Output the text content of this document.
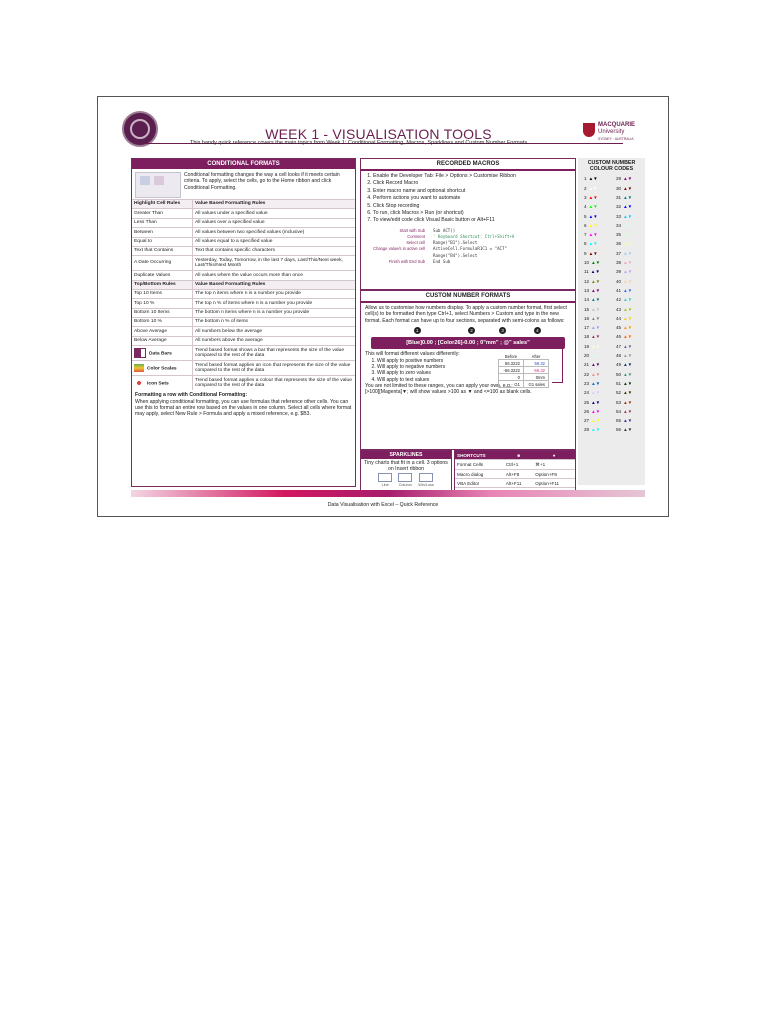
WEEK 1 - VISUALISATION TOOLS
MACQUARIE
University
SYDNEY · AUSTRALIA
This handy quick reference covers the main topics from Week 1: Conditional Formatting, Macros, Sparklines and Custom Number Formats.
CONDITIONAL FORMATS
Conditional formatting changes the way a cell looks if it meets certain criteria. To apply, select the cells, go to the Home ribbon and click Conditional Formatting.
Highlight Cell Rules	Value Based Formatting Rules
Greater Than	All values under a specified value
Less Than	All values over a specified value
Between	All values between two specified values (inclusive)
Equal to	All values equal to a specified value
Text that Contains	Text that contains specific characters
A Date Occurring	Yesterday, Today, Tomorrow, in the last 7 days, Last/This/Next week, Last/This/Next Month
Duplicate Values	All values where the value occurs more than once
Top/Bottom Rules	Value Based Formatting Rules
Top 10 Items	The top n items where n is a number you provide
Top 10 %	The top n % of items where n is a number you provide
Bottom 10 Items	The bottom n items where n is a number you provide
Bottom 10 %	The bottom n % of items
Above Average	All numbers below the average
Below Average	All numbers above the average
Data Bars	Trend based format shows a bar that represents the size of the value compared to the rest of the data
Color Scales	Trend based format applies an icon that represents the size of the value compared to the rest of the data
Icon Sets	Trend based format applies a colour that represents the size of the value compared to the rest of the data
Formatting a row with Conditional Formatting:
When applying conditional formatting, you can use formulas that reference other cells. You can use this to format an entire row based on the values in one column. Select all cells where format may apply, select New Rule > Formula and apply a mixed reference, e.g. $B3.
RECORDED MACROS
1. Enable the Developer Tab: File > Options > Customise Ribbon
2. Click Record Macro
3. Enter macro name and optional shortcut
4. Perform actions you want to automate
5. Click Stop recording
6. To run, click Macros > Run (or shortcut)
7. To view/edit code click Visual Basic button or Alt+F11
Start with Sub Sub ACT()
Comment ' Keyboard Shortcut: Ctrl+Shift+A
Select cell Range("B1").Select
Change value/s in active cell ActiveCell.FormulaR1C1 = "ACT"
Range("B4").Select
Finish with End Sub End Sub
CUSTOM NUMBER FORMATS
Allow us to customise how numbers display. To apply a custom number format, first select cell(s) to be formatted then type Ctrl+1, select Numbers > Custom and type in the new format. Each format can have up to four sections, separated with semi-colons as follows:
1	2	3	4
[Blue]0.00 ; [Color26]-0.00 ; 0"mm" ; @" sales"
This will format different values differently:
1. Will apply to positive numbers
2. Will apply to negative numbers
3. Will apply to zero values
4. Will apply to text values
Before	After
56.3222	56.32
-56.3222	-56.32
0	0mm
G1	G1 sales
You are not limited to these ranges, you can apply your own, e.g.:
[>100][Magenta]▼; will show values >100 as ▼ and <=100 as blank cells.
SPARKLINES
Tiny charts that fit in a cell. 3 options on Insert ribbon
Line	Column Win/Loss
SHORTCUTS	■	●
Format Cells	Ctrl+1	⌘+1
Macro dialog	Alt+F8	Option+F8
VBA Editor	Alt+F11	Option+F11
CUSTOM NUMBER COLOUR CODES
1 ▲▼	29 ▲▼
2 ▲▼	30 ▲▼
3 ▲▼	31 ▲▼
4 ▲▼	32 ▲▼
5 ▲▼	33 ▲▼
6 ▲▼	34 ▲▼
7 ▲▼	35 ▲▼
8 ▲▼	36 ▲▼
9 ▲▼	37 ▲▼
10 ▲▼	38 ▲▼
11 ▲▼	39 ▲▼
12 ▲▼	40 ▲▼
13 ▲▼	41 ▲▼
14 ▲▼	42 ▲▼
15 ▲▼	43 ▲▼
16 ▲▼	44 ▲▼
17 ▲▼	45 ▲▼
18 ▲▼	46 ▲▼
19 ▲▼	47 ▲▼
20 ▲▼	48 ▲▼
21 ▲▼	49 ▲▼
22 ▲▼	50 ▲▼
23 ▲▼	51 ▲▼
24 ▲▼	52 ▲▼
25 ▲▼	53 ▲▼
26 ▲▼	54 ▲▼
27 ▲▼	55 ▲▼
28 ▲▼	56 ▲▼
Data Visualisation with Excel – Quick Reference
